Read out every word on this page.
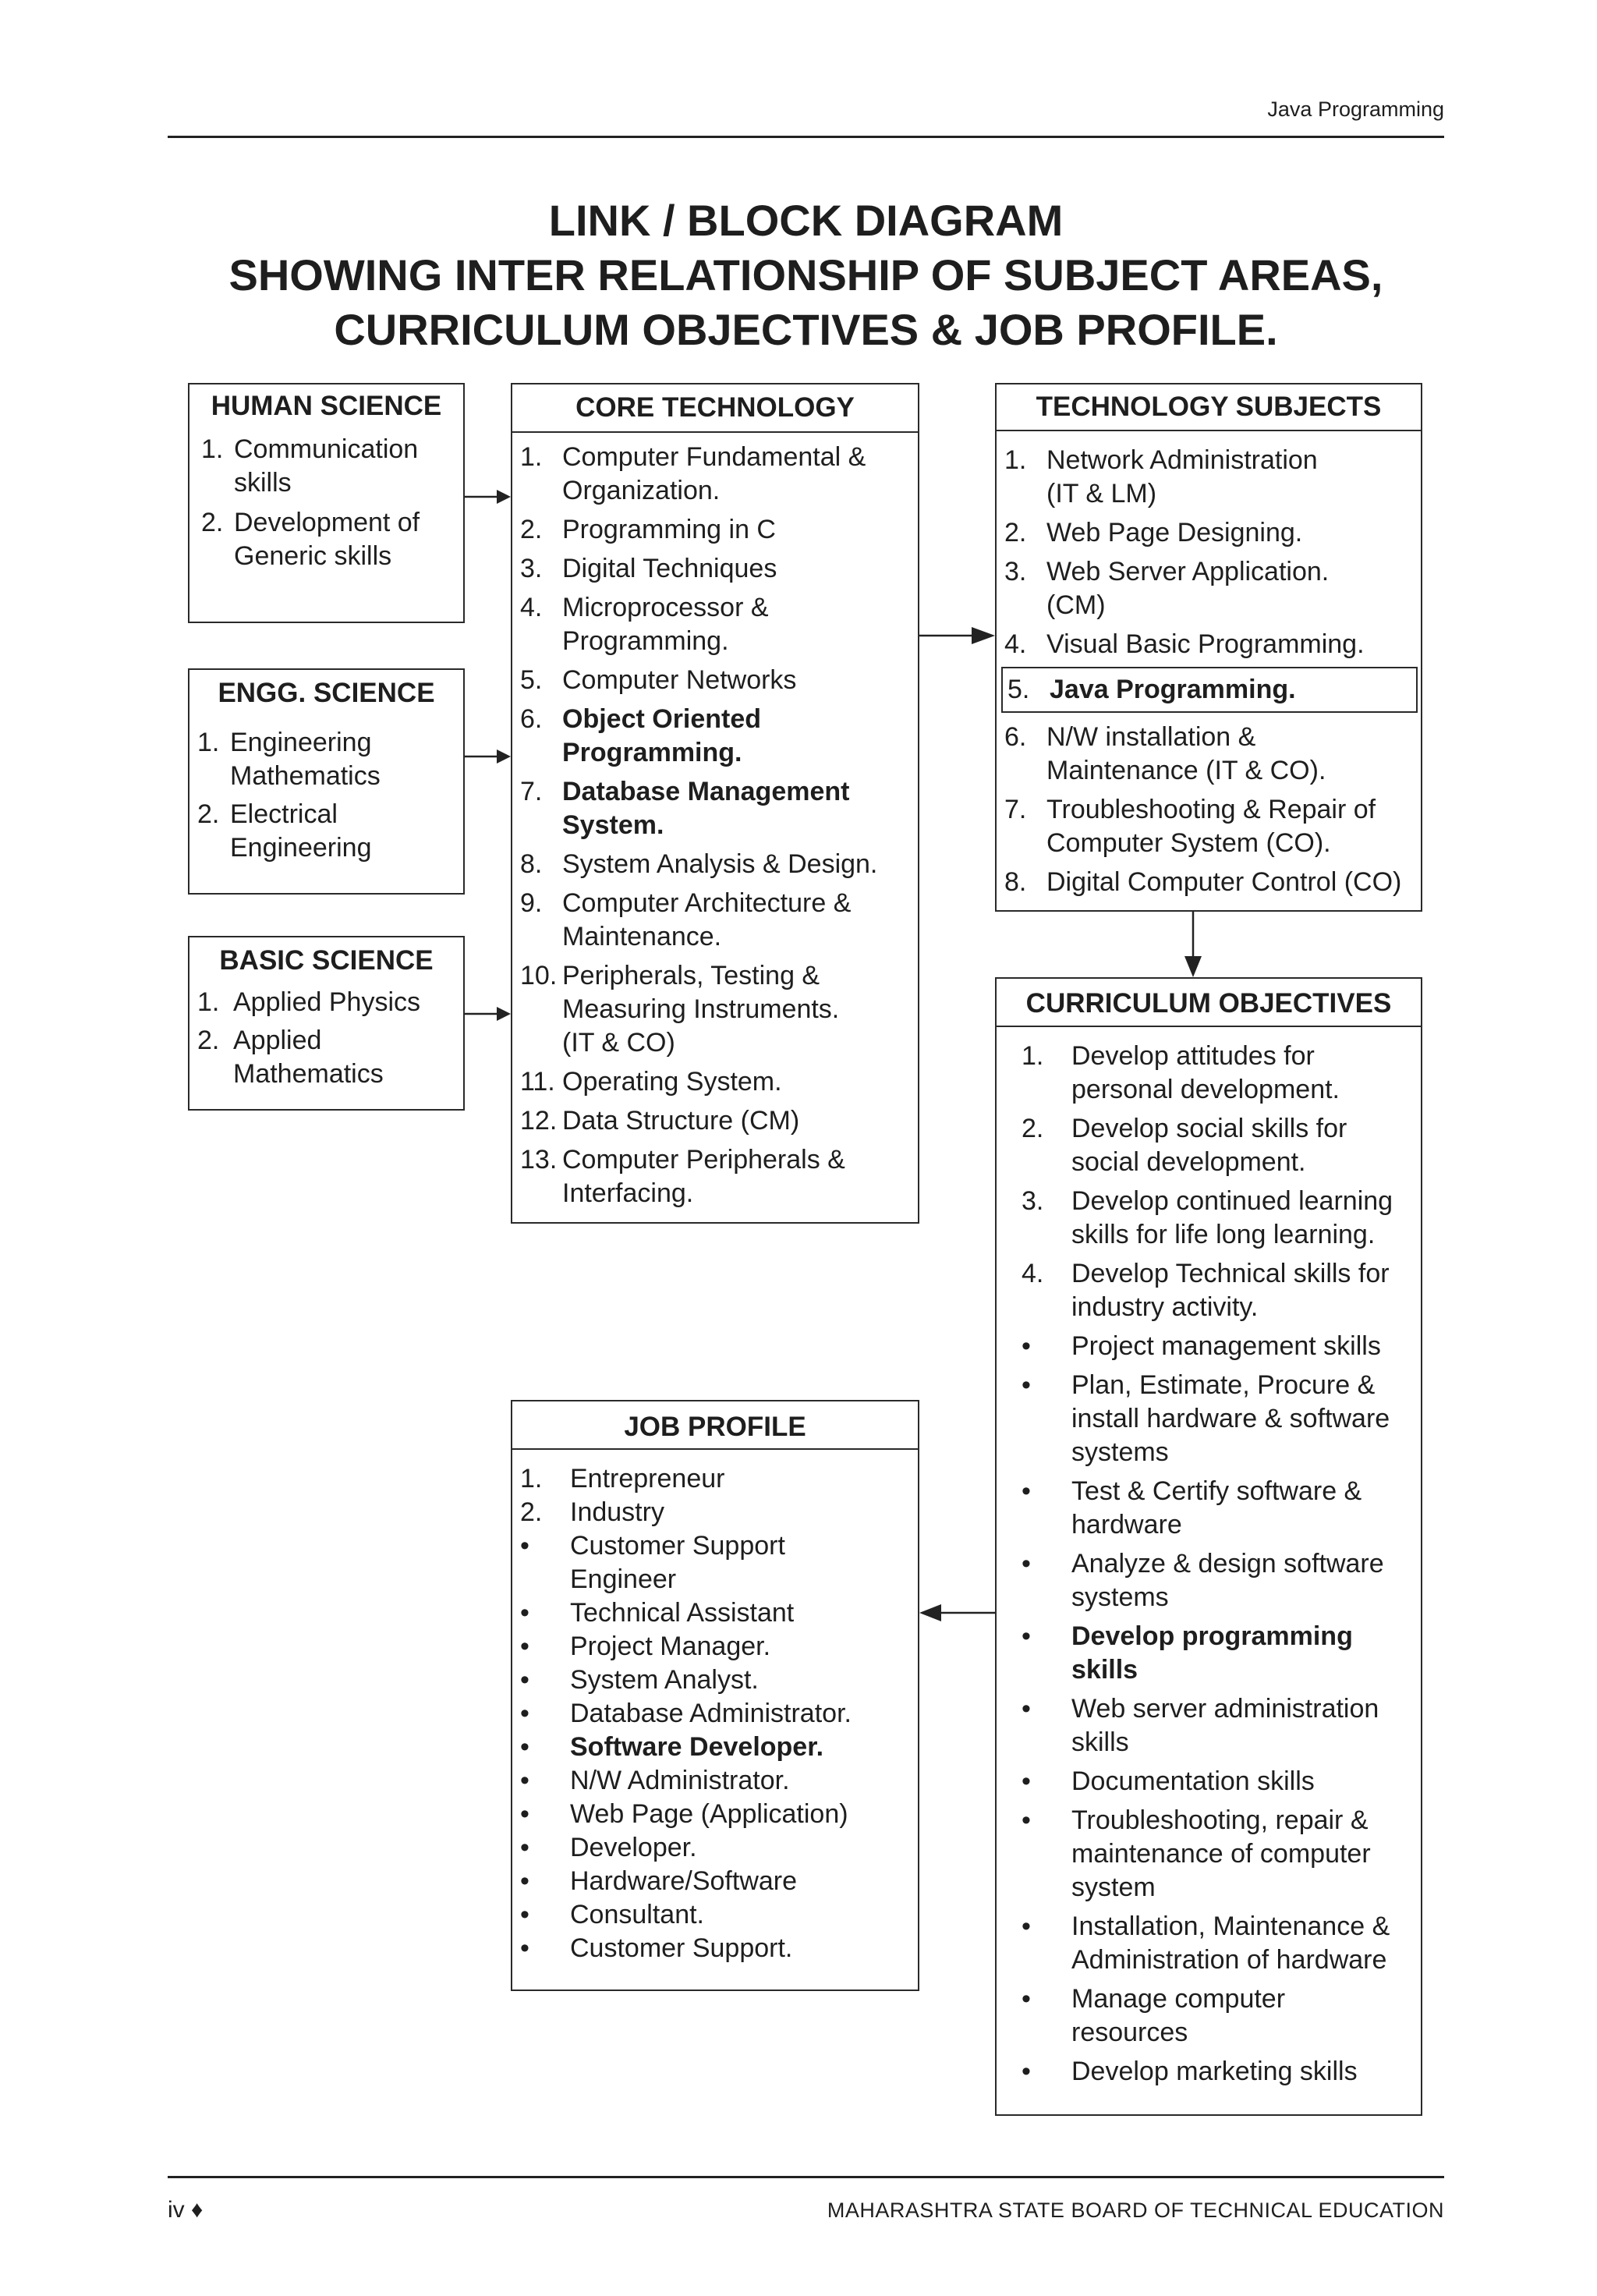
Java Programming
LINK / BLOCK DIAGRAM
SHOWING INTER RELATIONSHIP OF SUBJECT AREAS,
CURRICULUM OBJECTIVES & JOB PROFILE.
HUMAN SCIENCE
1. Communication
skills
2. Development of
Generic skills
ENGG. SCIENCE
1. Engineering
Mathematics
2. Electrical
Engineering
BASIC SCIENCE
1. Applied Physics
2. Applied
Mathematics
CORE TECHNOLOGY
1. Computer Fundamental &
Organization.
2. Programming in C
3. Digital Techniques
4. Microprocessor &
Programming.
5. Computer Networks
6. Object Oriented
Programming.
7. Database Management
System.
8. System Analysis & Design.
9. Computer Architecture &
Maintenance.
10. Peripherals, Testing &
Measuring Instruments.
(IT & CO)
11. Operating System.
12. Data Structure (CM)
13. Computer Peripherals &
Interfacing.
TECHNOLOGY SUBJECTS
1. Network Administration
(IT & LM)
2. Web Page Designing.
3. Web Server Application.
(CM)
4. Visual Basic Programming.
5. Java Programming.
6. N/W installation &
Maintenance (IT & CO).
7. Troubleshooting & Repair of
Computer System (CO).
8. Digital Computer Control (CO)
CURRICULUM OBJECTIVES
1.	Develop attitudes for
personal development.
2.	Develop social skills for
social development.
3.	Develop continued learning
skills for life long learning.
4.	Develop Technical skills for
industry activity.
•	Project management skills
•	Plan, Estimate, Procure &
install hardware & software
systems
•	Test & Certify software &
hardware
•	Analyze & design software
systems
•	Develop programming
skills
•	Web server administration
skills
•	Documentation skills
•	Troubleshooting, repair &
maintenance of computer
system
•	Installation, Maintenance &
Administration of hardware
•	Manage computer
resources
•	Develop marketing skills
JOB PROFILE
1.	Entrepreneur
2.	Industry
•	Customer Support
Engineer
•	Technical Assistant
•	Project Manager.
•	System Analyst.
•	Database Administrator.
•	Software Developer.
•	N/W Administrator.
•	Web Page (Application)
•	Developer.
•	Hardware/Software
•	Consultant.
•	Customer Support.
iv ♦	MAHARASHTRA STATE BOARD OF TECHNICAL EDUCATION
